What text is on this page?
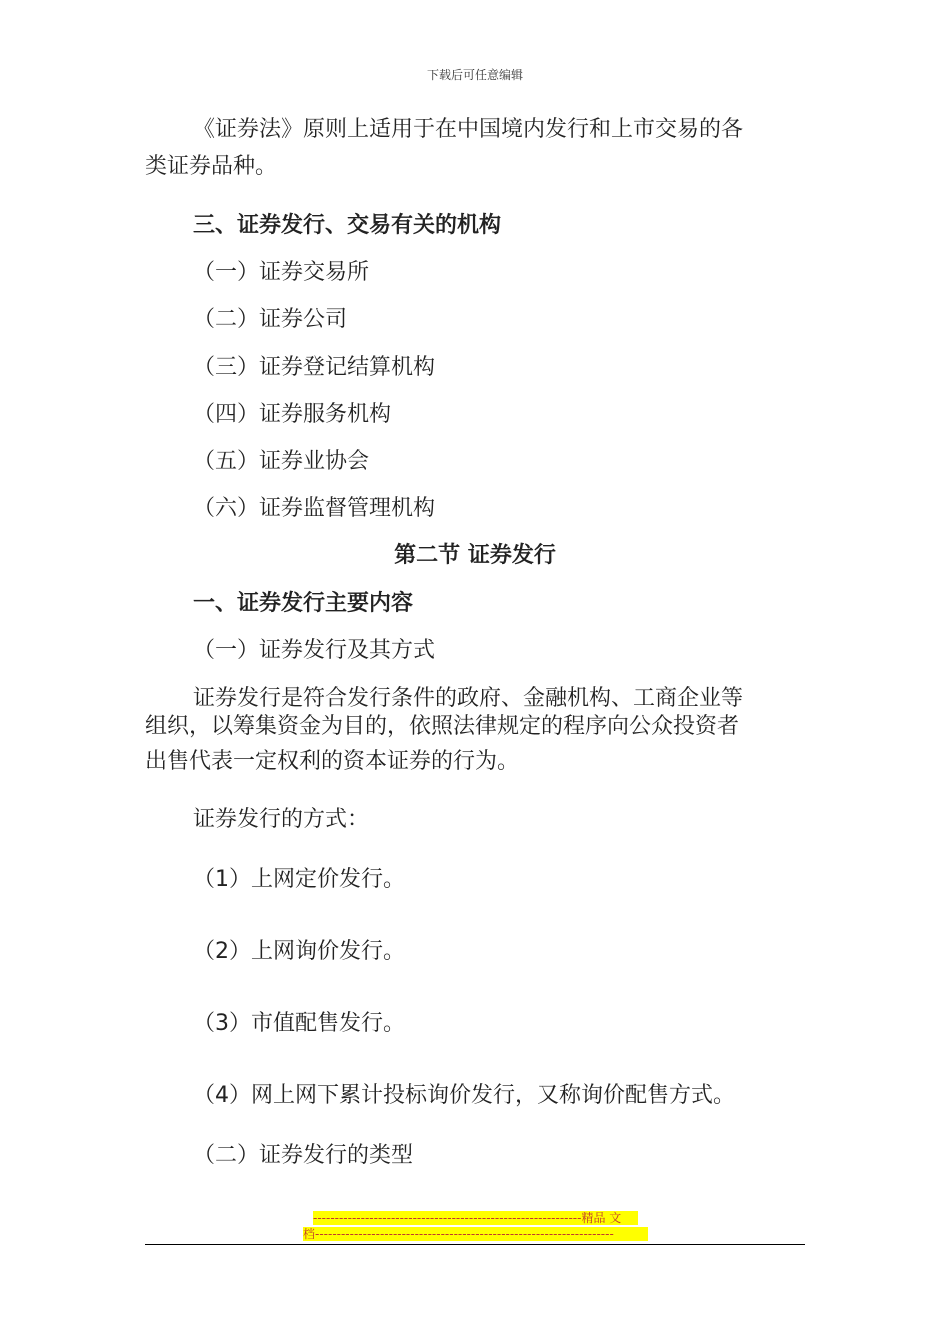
下载后可任意编辑
《证券法》原则上适用于在中国境内发行和上市交易的各
类证券品种。
三、证券发行、交易有关的机构
（一）证券交易所
（二）证券公司
（三）证券登记结算机构
（四）证券服务机构
（五）证券业协会
（六）证券监督管理机构
第二节 证券发行
一、证券发行主要内容
（一）证券发行及其方式
证券发行是符合发行条件的政府、金融机构、工商企业等
组织，以筹集资金为目的，依照法律规定的程序向公众投资者
出售代表一定权利的资本证券的行为。
证券发行的方式：
（1）上网定价发行。
（2）上网询价发行。
（3）市值配售发行。
（4）网上网下累计投标询价发行，又称询价配售方式。
（二）证券发行的类型
--------------------------------------------------------------精品 文
档---------------------------------------------------------------------
